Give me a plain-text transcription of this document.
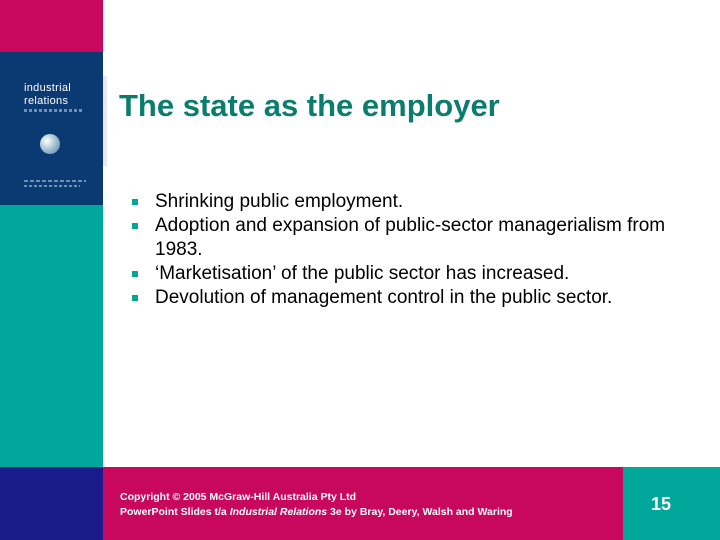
industrial
relations	The state as the employer
Shrinking public employment.
Adoption and expansion of public-sector managerialism from 1983.
‘Marketisation’ of the public sector has increased.
Devolution of management control in the public sector.
Copyright © 2005 McGraw-Hill Australia Pty Ltd
PowerPoint Slides t/a Industrial Relations 3e by Bray, Deery, Walsh and Waring	15
